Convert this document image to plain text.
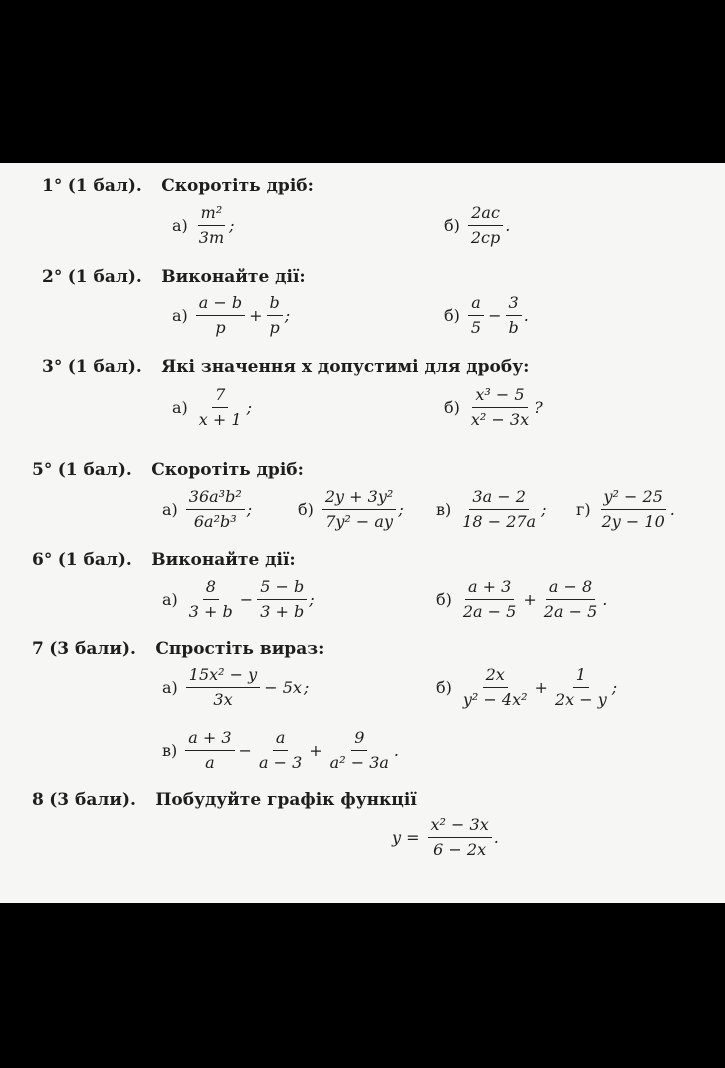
1° (1 бал). Скоротіть дріб:
$а) \frac{\text{m²}}{3m}$ ;	$б) \frac{2ac}{2cp}$ .
2° (1 бал). Виконайте дії:
$а) \frac{a - b}{p} + \frac{b}{p}$ ;	$б) \frac{a}{5} - \frac{3}{b}$ .
3° (1 бал). Які значення x допустимі для дробу:
$а) \frac{7}{x + 1}$ ;	$б) \frac{\text{x³ − 5}}{\text{x² − 3x}}$ ?
5° (1 бал). Скоротіть дріб:
$а) \frac{\text{36a³b²}}{\text{6a²b³}}$ ;	$б) \frac{\text{2y + 3y²}}{\text{7y² − ay}}$ ; $в) \frac{3a - 2}{18 - 27a}$ ; $г) \frac{\text{y² − 25}}{2y - 10}$ .
6° (1 бал). Виконайте дії:
$а) \frac{8}{3 + b} - \frac{5 - b}{3 + b}$ ;	$б) \frac{a + 3}{2a - 5} + \frac{a - 8}{2a - 5}$ .
7 (3 бали). Спростіть вираз:
$а) \frac{\text{15x² − y}}{3x} - 5x$ ;	$б) \frac{2x}{\text{y² − 4x²}} + \frac{1}{2x - y}$ ;
$в) \frac{a + 3}{a} - \frac{a}{a - 3} + \frac{9}{\text{a² − 3a}}$ .
8 (3 бали). Побудуйте графік функції
$y = \frac{\text{x² − 3x}}{6 - 2x}$ .
